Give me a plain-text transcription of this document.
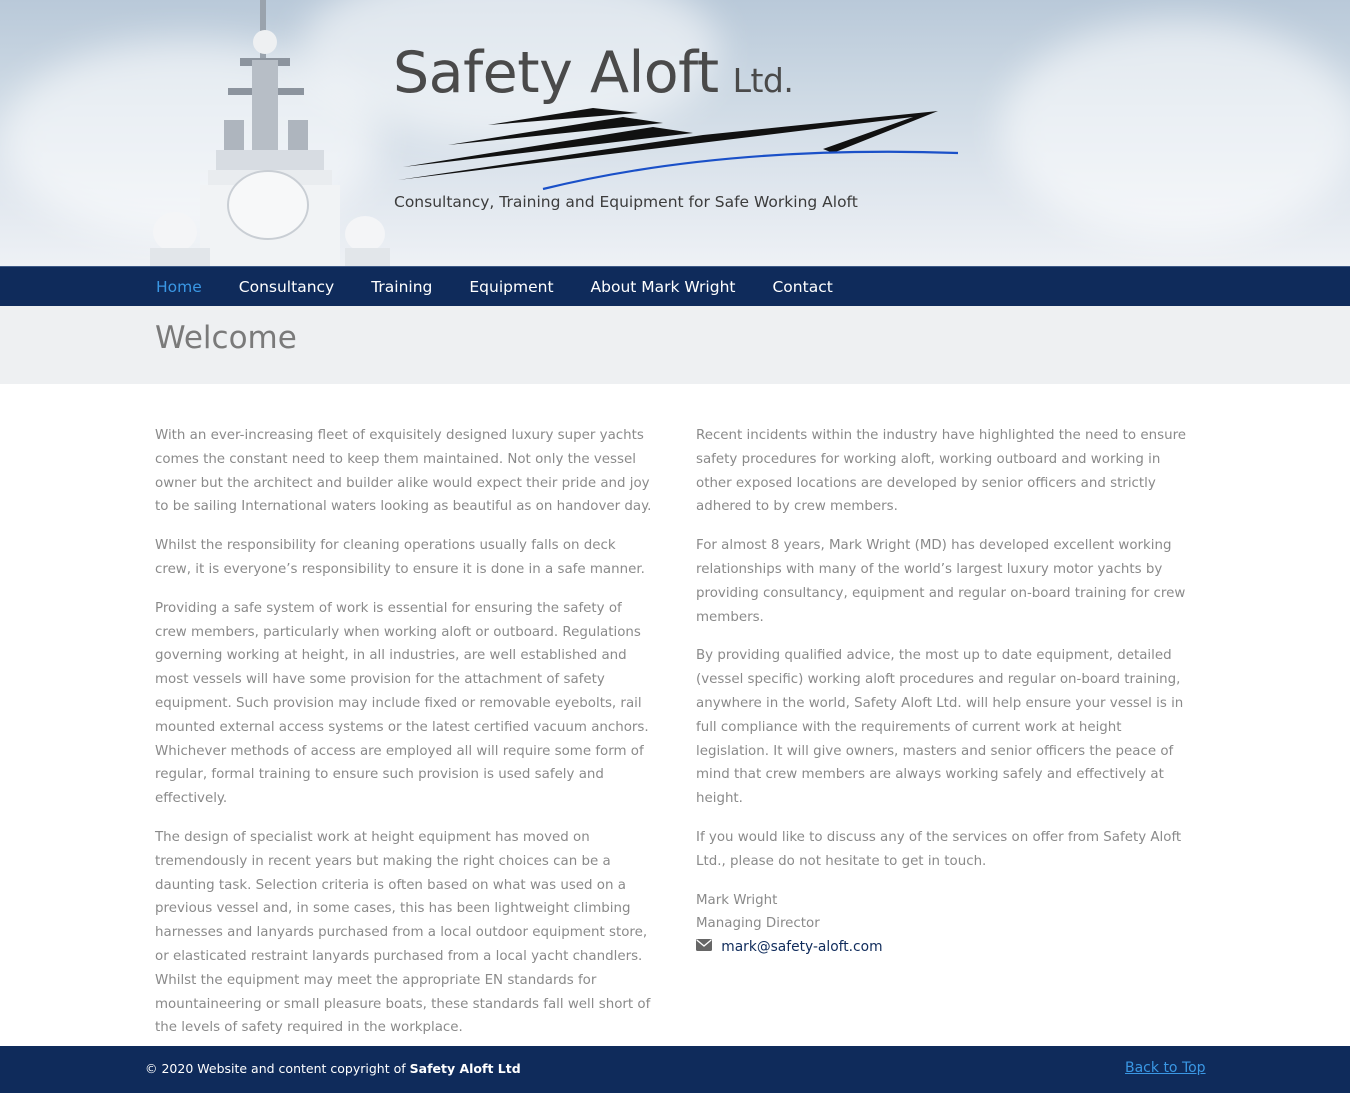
Safety Aloft Ltd.

Consultancy, Training and Equipment for Safe Working Aloft

Home Consultancy Training Equipment About Mark Wright Contact
Welcome

With an ever-increasing fleet of exquisitely designed luxury super yachts comes the constant need to keep them maintained. Not only the vessel owner but the architect and builder alike would expect their pride and joy to be sailing International waters looking as beautiful as on handover day.

Whilst the responsibility for cleaning operations usually falls on deck crew, it is everyone’s responsibility to ensure it is done in a safe manner.

Providing a safe system of work is essential for ensuring the safety of crew members, particularly when working aloft or outboard. Regulations governing working at height, in all industries, are well established and most vessels will have some provision for the attachment of safety equipment. Such provision may include fixed or removable eyebolts, rail mounted external access systems or the latest certified vacuum anchors. Whichever methods of access are employed all will require some form of regular, formal training to ensure such provision is used safely and effectively.

The design of specialist work at height equipment has moved on tremendously in recent years but making the right choices can be a daunting task. Selection criteria is often based on what was used on a previous vessel and, in some cases, this has been lightweight climbing harnesses and lanyards purchased from a local outdoor equipment store, or elasticated restraint lanyards purchased from a local yacht chandlers. Whilst the equipment may meet the appropriate EN standards for mountaineering or small pleasure boats, these standards fall well short of the levels of safety required in the workplace.

Recent incidents within the industry have highlighted the need to ensure safety procedures for working aloft, working outboard and working in other exposed locations are developed by senior officers and strictly adhered to by crew members.

For almost 8 years, Mark Wright (MD) has developed excellent working relationships with many of the world’s largest luxury motor yachts by providing consultancy, equipment and regular on-board training for crew members.

By providing qualified advice, the most up to date equipment, detailed (vessel specific) working aloft procedures and regular on-board training, anywhere in the world, Safety Aloft Ltd. will help ensure your vessel is in full compliance with the requirements of current work at height legislation. It will give owners, masters and senior officers the peace of mind that crew members are always working safely and effectively at height.

If you would like to discuss any of the services on offer from Safety Aloft Ltd., please do not hesitate to get in touch.

Mark Wright
Managing Director
mark@safety-aloft.com

© 2020 Website and content copyright of Safety Aloft Ltd	Back to Top
